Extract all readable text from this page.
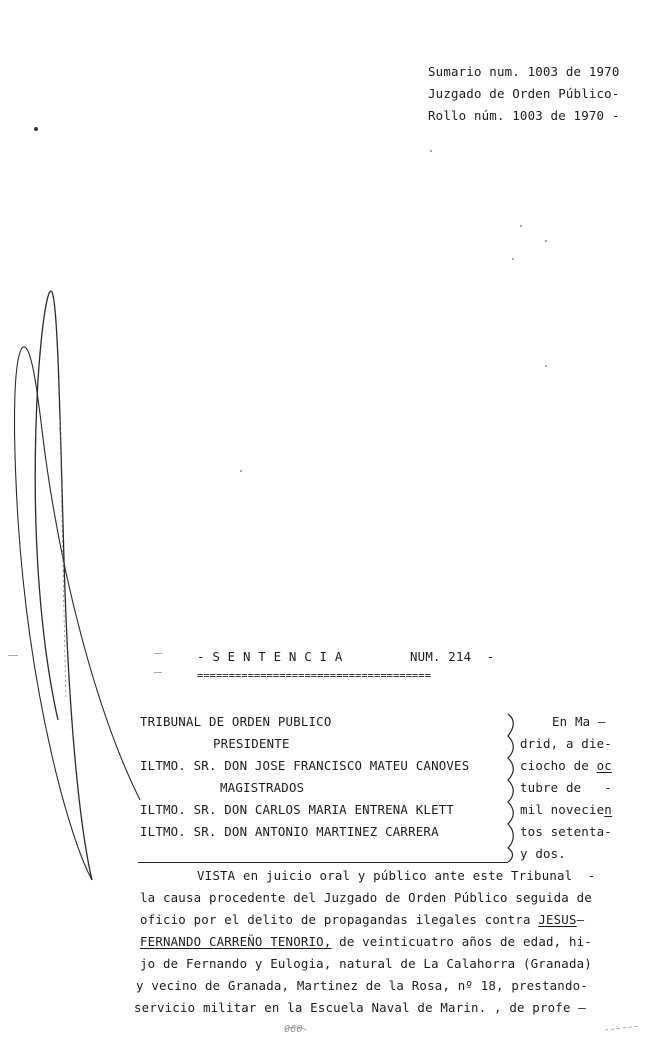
Sumario num. 1003 de 1970
Juzgado de Orden Público-
Rollo núm. 1003 de 1970 -
- S E N T E N C I A	NUM. 214  -
=====================================
TRIBUNAL DE ORDEN PUBLICO
PRESIDENTE
ILTMO. SR. DON JOSE FRANCISCO MATEU CANOVES
MAGISTRADOS
ILTMO. SR. DON CARLOS MARIA ENTRENA KLETT
ILTMO. SR. DON ANTONIO MARTINEZ CARRERA
En Ma —
drid, a die-
ciocho de oc
tubre de   -
mil novecien
tos setenta-
y dos.
VISTA en juicio oral y público ante este Tribunal  -
la causa procedente del Juzgado de Orden Público seguida de
oficio por el delito de propagandas ilegales contra JESUS—
FERNANDO CARREÑO TENORIO, de veinticuatro años de edad, hi-
jo de Fernando y Eulogia, natural de La Calahorra (Granada)
y vecino de Granada, Martinez de la Rosa, nº 18, prestando-
servicio militar en la Escuela Naval de Marin. , de profe —
060
